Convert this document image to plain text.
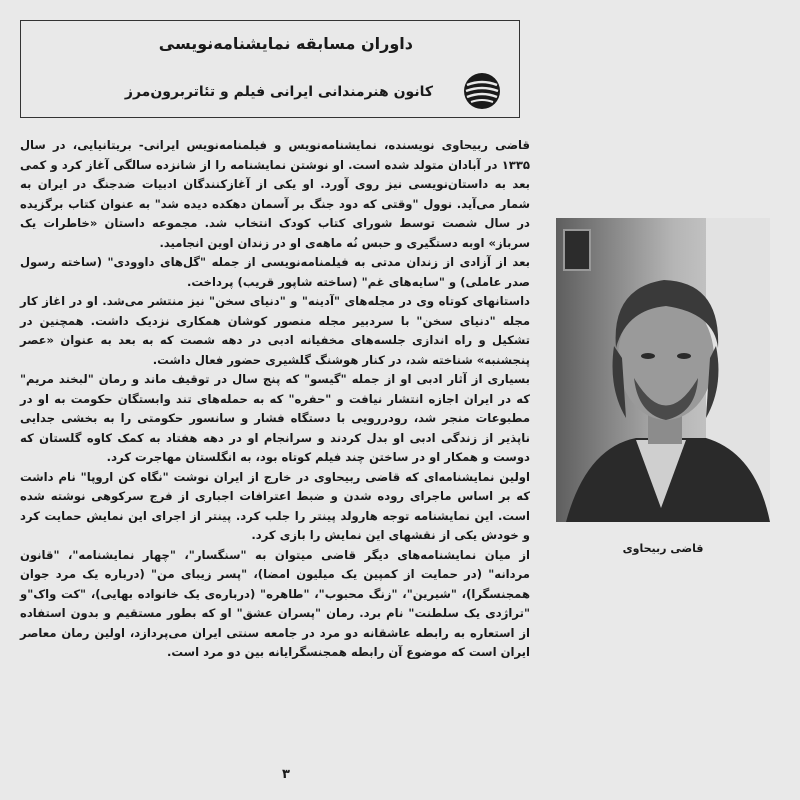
داوران مسابقه نمایشنامه‌نویسی
کانون هنرمندانی ایرانی فیلم و تئاتربرون‌مرز

قاضی ربیحاوی نویسنده، نمایشنامه‌نویس و فیلمنامه‌نویس ایرانی- بریتانیایی، در سال ۱۳۳۵ در آبادان متولد شده است. او نوشتن نمایشنامه را از شانزده سالگی آغاز کرد و کمی بعد به داستان‌نویسی نیز روی آورد. او یکی از آغازکنندگان ادبیات ضدجنگ در ایران به شمار می‌آید. نوول "وقتی که دود جنگ بر آسمان دهکده دیده شد" به عنوان کتاب برگزیده در سال شصت توسط شورای کتاب کودک انتخاب شد. مجموعه داستان «خاطرات یک سرباز» اوبه دستگیری و حبس نُه ماهه‌ی او در زندان اوین انجامید.

بعد از آزادی از زندان مدتی به فیلمنامه‌نویسی از جمله "گل‌های داوودی" (ساخته رسول صدر عاملی) و "سایه‌های غم" (ساخته شاپور قریب) پرداخت.

داستانهای کوتاه وی در مجله‌های "آدینه" و "دنیای سخن" نیز منتشر می‌شد. او در اغاز کار مجله "دنیای سخن" با سردبیر مجله منصور کوشان همکاری نزدیک داشت. همچنین در تشکیل و راه اندازی جلسه‌های مخفیانه ادبی در دهه شصت که به بعد به عنوان «عصر پنجشنبه» شناخته شد، در کنار هوشنگ گلشیری حضور فعال داشت.

بسیاری از آثار ادبی او از جمله "گیسو" که پنج سال در توقیف ماند و رمان "لبخند مریم" که در ایران اجازه انتشار نیافت و "حفره" که به حمله‌های تند وابستگان حکومت به او در مطبوعات منجر شد، رودررویی با دستگاه فشار و سانسور حکومتی را به بخشی جدایی ناپذیر از زندگی ادبی او بدل کردند و سرانجام او در دهه هفتاد به کمک کاوه گلستان که دوست و همکار او در ساختن چند فیلم کوتاه بود، به انگلستان مهاجرت کرد.

اولین نمایشنامه‌ای که قاضی ربیحاوی در خارج از ایران نوشت "نگاه کن اروپا" نام داشت که بر اساس ماجرای روده شدن و ضبط اعترافات اجباری از فرج سرکوهی نوشته شده است. این نمایشنامه توجه هارولد پینتر را جلب کرد. پینتر از اجرای این نمایش حمایت کرد و خودش یکی از نقشهای این نمایش را بازی کرد.

از میان نمایشنامه‌های دیگر قاضی میتوان به "سنگسار"، "چهار نمایشنامه"، "قانون مردانه" (در حمایت از کمپین یک میلیون امضا)، "پسر زیبای من" (درباره یک مرد جوان همجنسگرا)، "شیرین"، "زنگ محبوب"، "طاهره" (درباره‌ی یک خانواده بهایی)، "کت واک"و "تراژدی یک سلطنت" نام برد. رمان "پسران عشق" او که بطور مستقیم و بدون استفاده از استعاره به رابطه عاشقانه دو مرد در جامعه سنتی ایران می‌پردازد، اولین رمان معاصر ایران است که موضوع آن رابطه همجنسگرایانه بین دو مرد است.

قاضی ربیحاوی
۳
